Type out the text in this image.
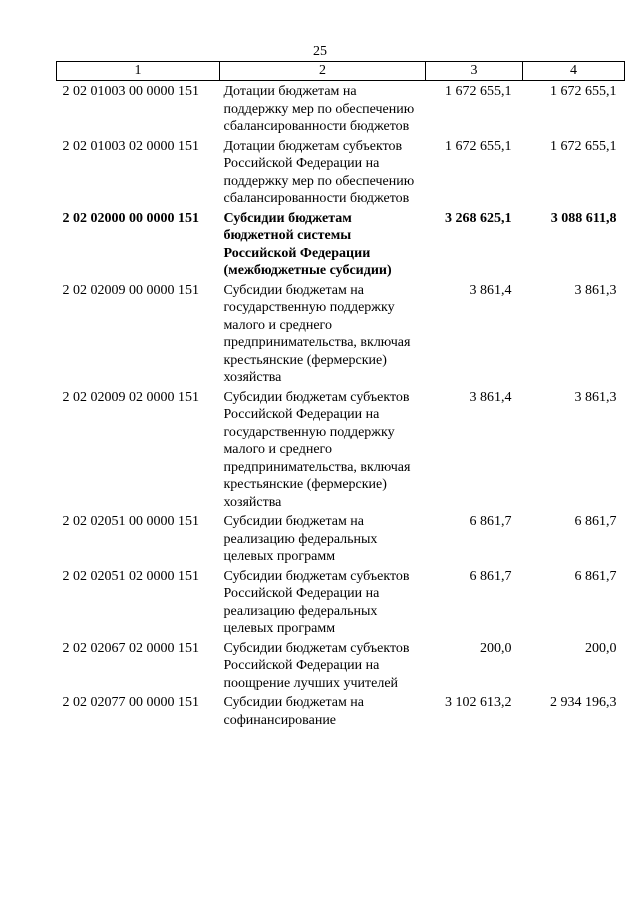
25
1	2	3	4
2 02 01003 00 0000 151	Дотации бюджетам на поддержку мер по обеспечению сбалансированности бюджетов	1 672 655,1	1 672 655,1
2 02 01003 02 0000 151	Дотации бюджетам субъектов Российской Федерации на поддержку мер по обеспечению сбалансированности бюджетов	1 672 655,1	1 672 655,1
2 02 02000 00 0000 151	Субсидии бюджетам бюджетной системы Российской Федерации (межбюджетные субсидии)	3 268 625,1	3 088 611,8
2 02 02009 00 0000 151	Субсидии бюджетам на государственную поддержку малого и среднего предпринимательства, включая крестьянские (фермерские) хозяйства	3 861,4	3 861,3
2 02 02009 02 0000 151	Субсидии бюджетам субъектов Российской Федерации на государственную поддержку малого и среднего предпринимательства, включая крестьянские (фермерские) хозяйства	3 861,4	3 861,3
2 02 02051 00 0000 151	Субсидии бюджетам на реализацию федеральных целевых программ	6 861,7	6 861,7
2 02 02051 02 0000 151	Субсидии бюджетам субъектов Российской Федерации на реализацию федеральных целевых программ	6 861,7	6 861,7
2 02 02067 02 0000 151	Субсидии бюджетам субъектов Российской Федерации на поощрение лучших учителей	200,0	200,0
2 02 02077 00 0000 151	Субсидии бюджетам на софинансирование	3 102 613,2	2 934 196,3
